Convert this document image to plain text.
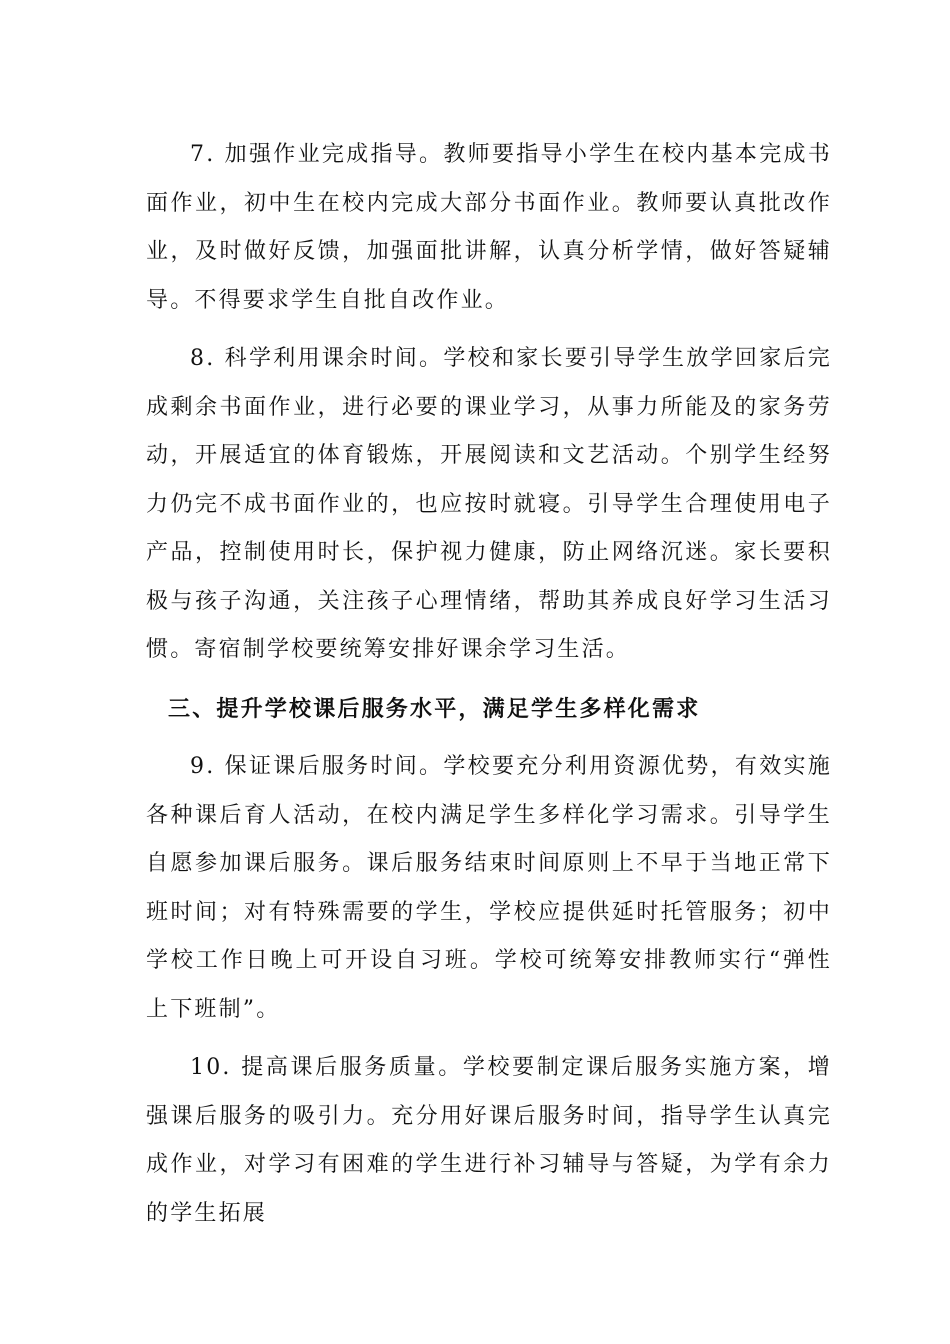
7. 加强作业完成指导。教师要指导小学生在校内基本完成书面作业，初中生在校内完成大部分书面作业。教师要认真批改作业，及时做好反馈，加强面批讲解，认真分析学情，做好答疑辅导。不得要求学生自批自改作业。

8. 科学利用课余时间。学校和家长要引导学生放学回家后完成剩余书面作业，进行必要的课业学习，从事力所能及的家务劳动，开展适宜的体育锻炼，开展阅读和文艺活动。个别学生经努力仍完不成书面作业的，也应按时就寝。引导学生合理使用电子产品，控制使用时长，保护视力健康，防止网络沉迷。家长要积极与孩子沟通，关注孩子心理情绪，帮助其养成良好学习生活习惯。寄宿制学校要统筹安排好课余学习生活。

三、提升学校课后服务水平，满足学生多样化需求

9. 保证课后服务时间。学校要充分利用资源优势，有效实施各种课后育人活动，在校内满足学生多样化学习需求。引导学生自愿参加课后服务。课后服务结束时间原则上不早于当地正常下班时间；对有特殊需要的学生，学校应提供延时托管服务；初中学校工作日晚上可开设自习班。学校可统筹安排教师实行“弹性上下班制”。

10. 提高课后服务质量。学校要制定课后服务实施方案，增强课后服务的吸引力。充分用好课后服务时间，指导学生认真完成作业，对学习有困难的学生进行补习辅导与答疑，为学有余力的学生拓展
